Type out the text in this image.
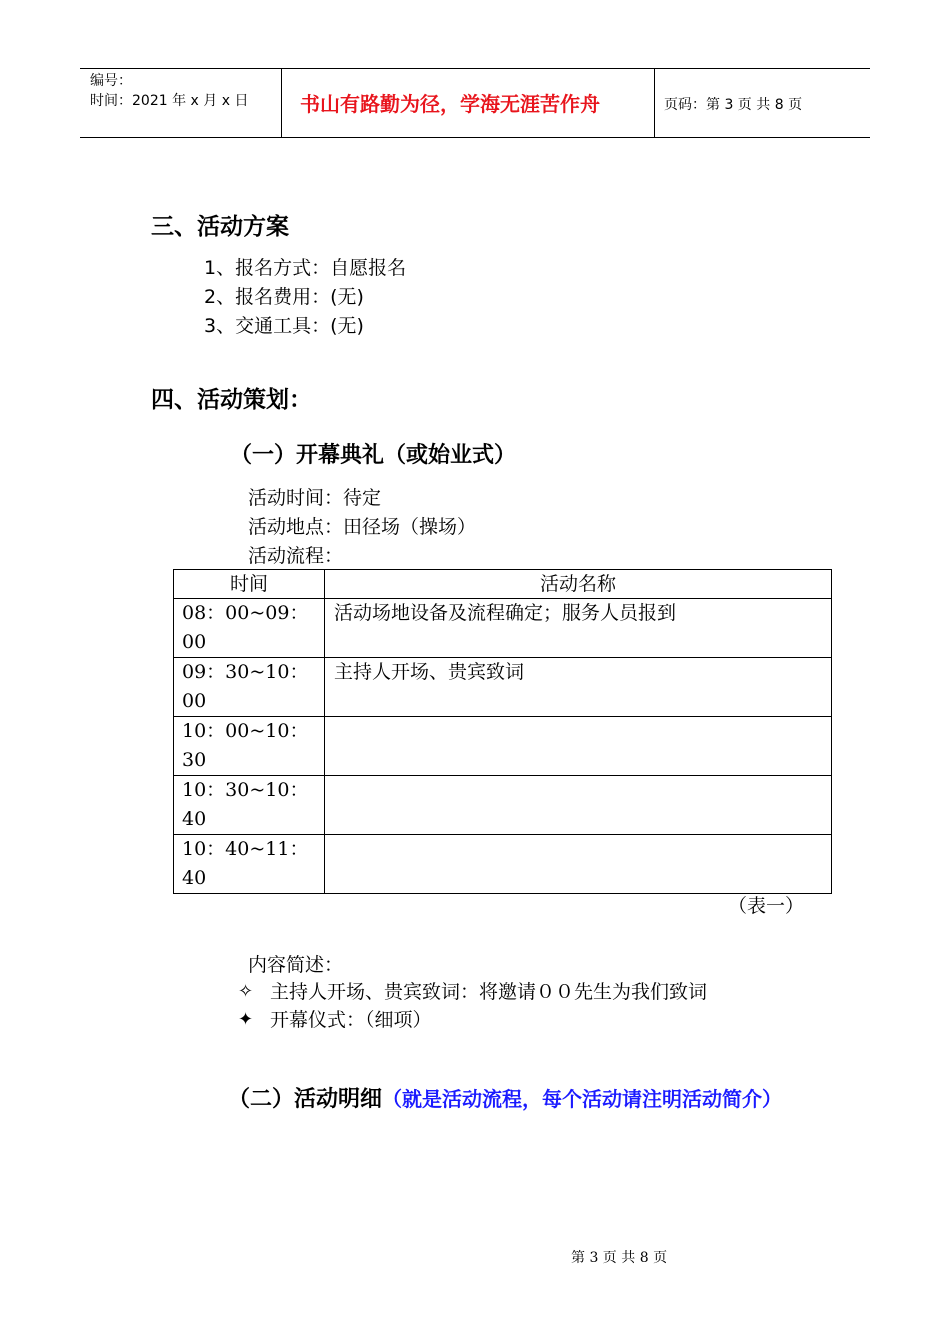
编号：
时间：2021 年 x 月 x 日	书山有路勤为径，学海无涯苦作舟	页码：第 3 页 共 8 页
三、活动方案
1、报名方式：自愿报名
2、报名费用：(无)
3、交通工具：(无)
四、活动策划：
（一）开幕典礼（或始业式）
活动时间：待定
活动地点：田径场（操场）
活动流程：
时间	活动名称
08：00~09：00	活动场地设备及流程确定；服务人员报到
09：30~10：00	主持人开场、贵宾致词
10：00~10：30	
10：30~10：40	
10：40~11：40	
（表一）
内容简述：
✧ 主持人开场、贵宾致词：将邀请００先生为我们致词
✦ 开幕仪式：（细项）
（二）活动明细（就是活动流程，每个活动请注明活动简介）
第 3 页 共 8 页
